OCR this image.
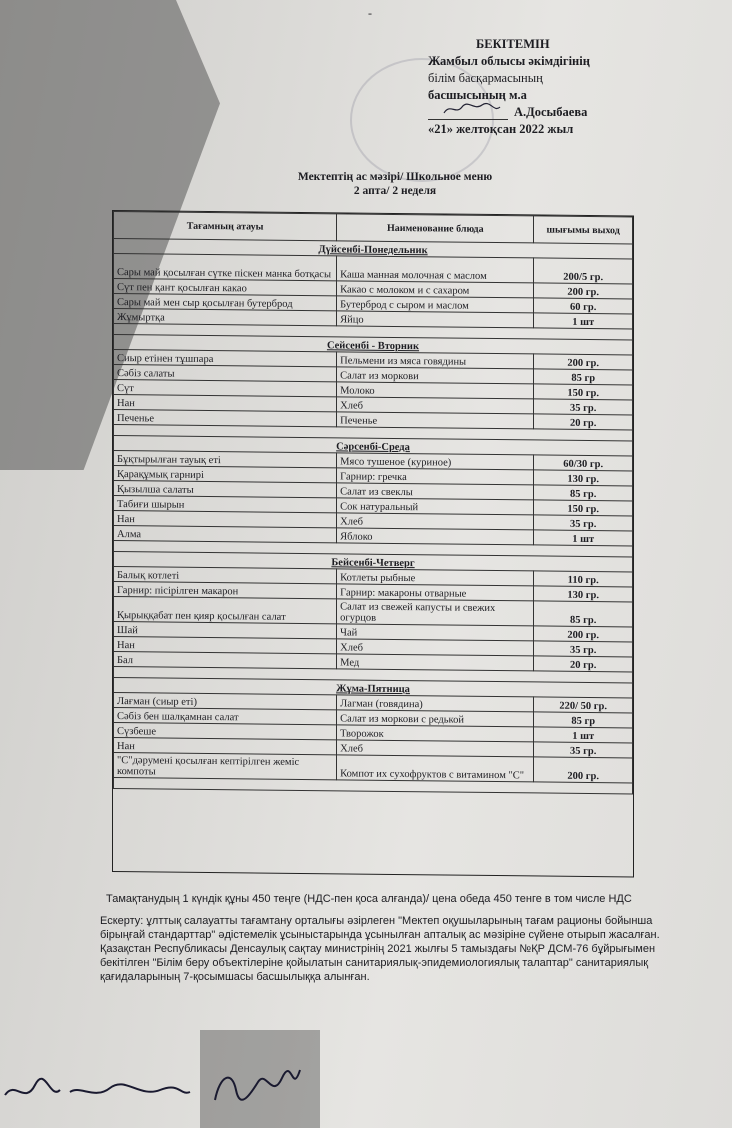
-
БЕКІТЕМІН
Жамбыл облысы әкімдігінің
білім басқармасының
басшысының м.а
А.Досыбаева
«21» желтоқсан 2022 жыл
Мектептің ас мәзірі/ Школьное меню
2 апта/ 2 неделя
Тағамның атауы	Наименование блюда	шығымы выход
Дүйсенбі-Понедельник		
Сары май қосылған сүтке піскен манка ботқасы	Каша манная молочная с маслом	200/5 гр.
Сүт пен қант қосылған какао	Какао с молоком и с сахаром	200 гр.
Сары май мен сыр қосылған бутерброд	Бутерброд с сыром и маслом	60 гр.
Жұмыртқа	Яйцо	1 шт

Сейсенбі - Вторник		
Сиыр етінен тұшпара	Пельмени из мяса говядины	200 гр.
Сәбіз салаты	Салат из моркови	85 гр
Сүт	Молоко	150 гр.
Нан	Хлеб	35 гр.
Печенье	Печенье	20 гр.

Сәрсенбі-Среда		
Бұқтырылған тауық еті	Мясо тушеное (куриное)	60/30 гр.
Қарақұмық гарнирі	Гарнир: гречка	130 гр.
Қызылша салаты	Салат из свеклы	85 гр.
Табиғи шырын	Сок натуральный	150 гр.
Нан	Хлеб	35 гр.
Алма	Яблоко	1 шт

Бейсенбі-Четверг		
Балық котлеті	Котлеты рыбные	110 гр.
Гарнир: пісірілген макарон	Гарнир: макароны отварные	130 гр.
Қырыққабат пен қияр қосылған салат	Салат из свежей капусты и свежих огурцов	85 гр.
Шай	Чай	200 гр.
Нан	Хлеб	35 гр.
Бал	Мед	20 гр.

Жұма-Пятница		
Лағман (сиыр еті)	Лагман (говядина)	220/ 50 гр.
Сәбіз бен шалқамнан салат	Салат из моркови с редькой	85 гр
Сүзбеше	Творожок	1 шт
Нан	Хлеб	35 гр.
"С"дәрумені қосылған кептірілген жеміс компоты	Компот их сухофруктов с витамином "С"	200 гр.

Тамақтанудың 1 күндік құны 450 теңге (НДС-пен қоса алғанда)/ цена обеда 450 тенге в том числе НДС
Ескерту: ұлттық салауатты тағамтану орталығы әзірлеген "Мектеп оқушыларының тағам рационы бойынша бірыңғай стандарттар" әдістемелік ұсыныстарында ұсынылған апталық ас мәзіріне сүйене отырып жасалған. Қазақстан Республикасы Денсаулық сақтау министрінің 2021 жылғы 5 тамыздағы №ҚР ДСМ-76 бұйрығымен бекітілген "Білім беру объектілеріне қойылатын санитариялық-эпидемиологиялық талаптар" санитариялық қағидаларының 7-қосымшасы басшылыққа алынған.
